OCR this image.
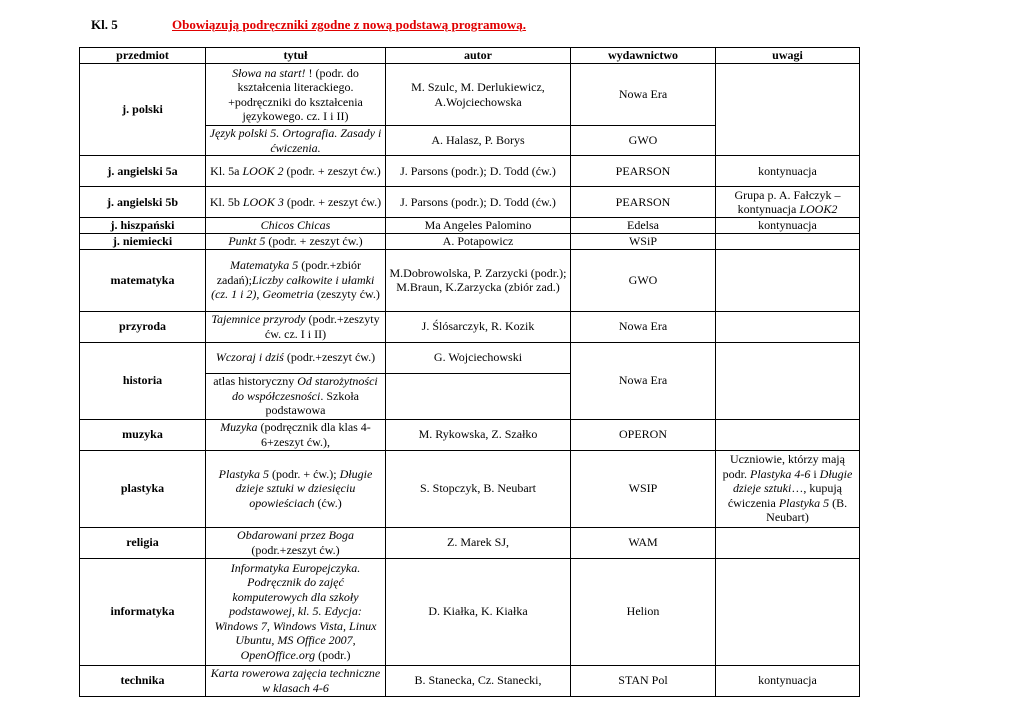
Kl. 5	Obowiązują podręczniki zgodne z nową podstawą programową.
przedmiot	tytuł	autor	wydawnictwo	uwagi
j. polski	Słowa na start! ! (podr. do kształcenia literackiego. +podręczniki do kształcenia językowego. cz. I i II)	M. Szulc, M. Derlukiewicz, A.Wojciechowska	Nowa Era	
	Język polski 5. Ortografia. Zasady i ćwiczenia.	A. Halasz, P. Borys	GWO	
j. angielski 5a	Kl. 5a LOOK 2 (podr. + zeszyt ćw.)	J. Parsons (podr.); D. Todd (ćw.)	PEARSON	kontynuacja
j. angielski 5b	Kl. 5b LOOK 3 (podr. + zeszyt ćw.)	J. Parsons (podr.); D. Todd (ćw.)	PEARSON	Grupa p. A. Fałczyk – kontynuacja LOOK2
j. hiszpański	Chicos Chicas	Ma Angeles Palomino	Edelsa	kontynuacja
j. niemiecki	Punkt 5 (podr. + zeszyt ćw.)	A. Potapowicz	WSiP	
matematyka	Matematyka 5 (podr.+zbiór zadań);Liczby całkowite i ułamki (cz. 1 i 2), Geometria (zeszyty ćw.)	M.Dobrowolska, P. Zarzycki (podr.); M.Braun, K.Zarzycka (zbiór zad.)	GWO	
przyroda	Tajemnice przyrody (podr.+zeszyty ćw. cz. I i II)	J. Ślósarczyk, R. Kozik	Nowa Era	
historia	Wczoraj i dziś (podr.+zeszyt ćw.)	G. Wojciechowski	Nowa Era	
	atlas historyczny Od starożytności do współczesności. Szkoła podstawowa			
muzyka	Muzyka (podręcznik dla klas 4-6+zeszyt ćw.),	M. Rykowska, Z. Szałko	OPERON	
plastyka	Plastyka 5 (podr. + ćw.); Długie dzieje sztuki w dziesięciu opowieściach (ćw.)	S. Stopczyk, B. Neubart	WSIP	Uczniowie, którzy mają podr. Plastyka 4-6 i Długie dzieje sztuki…, kupują ćwiczenia Plastyka 5 (B. Neubart)
religia	Obdarowani przez Boga (podr.+zeszyt ćw.)	Z. Marek SJ,	WAM	
informatyka	Informatyka Europejczyka. Podręcznik do zajęć komputerowych dla szkoły podstawowej, kl. 5. Edycja: Windows 7, Windows Vista, Linux Ubuntu, MS Office 2007, OpenOffice.org (podr.)	D. Kiałka, K. Kiałka	Helion	
technika	Karta rowerowa zajęcia techniczne w klasach 4-6	B. Stanecka, Cz. Stanecki,	STAN Pol	kontynuacja
